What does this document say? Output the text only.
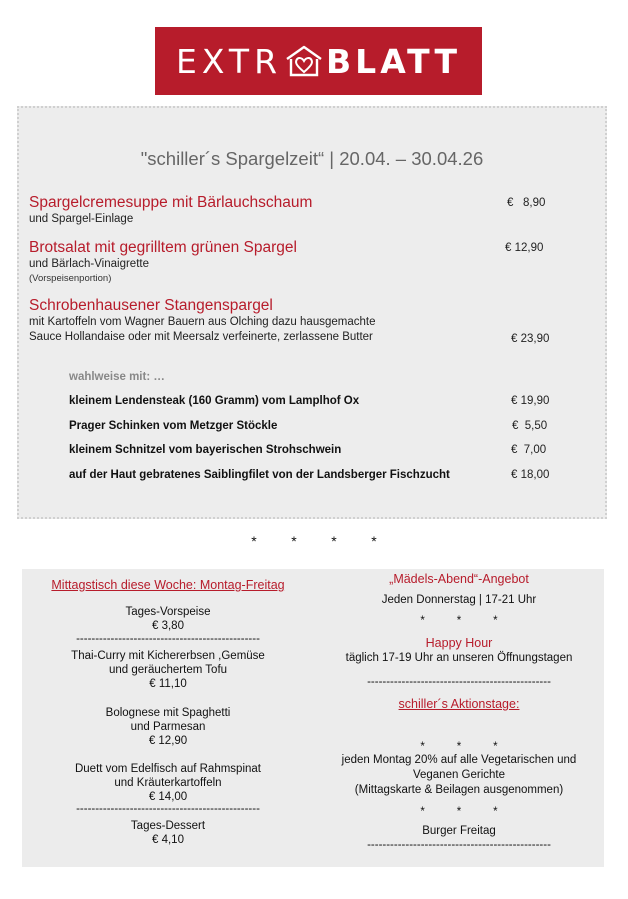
EXTR BLATT
"schiller´s Spargelzeit“ | 20.04. – 30.04.26
Spargelcremesuppe mit Bärlauchschaum
und Spargel-Einlage
€   8,90
Brotsalat mit gegrilltem grünen Spargel
und Bärlach-Vinaigrette
(Vorspeisenportion)
€ 12,90
Schrobenhausener Stangenspargel
mit Kartoffeln vom Wagner Bauern aus Olching dazu hausgemachte
Sauce Hollandaise oder mit Meersalz verfeinerte, zerlassene Butter	€ 23,90
wahlweise mit: …
kleinem Lendensteak (160 Gramm) vom Lamplhof Ox	€ 19,90
Prager Schinken vom Metzger Stöckle	€  5,50
kleinem Schnitzel vom bayerischen Strohschwein	€  7,00
auf der Haut gebratenes Saiblingfilet von der Landsberger Fischzucht	€ 18,00
* * * *
Mittagstisch diese Woche: Montag-Freitag
Tages-Vorspeise
€ 3,80
------------------------------------------------
Thai-Curry mit Kichererbsen ,Gemüse
und geräuchertem Tofu
€ 11,10
Bolognese mit Spaghetti
und Parmesan
€ 12,90
Duett vom Edelfisch auf Rahmspinat
und Kräuterkartoffeln
€ 14,00
------------------------------------------------
Tages-Dessert
€ 4,10
„Mädels-Abend“-Angebot
Jeden Donnerstag | 17-21 Uhr
*          *          *
Happy Hour
täglich 17-19 Uhr an unseren Öffnungstagen
------------------------------------------------
schiller´s Aktionstage:
*          *          *
jeden Montag 20% auf alle Vegetarischen und
Veganen Gerichte
(Mittagskarte & Beilagen ausgenommen)
*          *          *
Burger Freitag
------------------------------------------------
